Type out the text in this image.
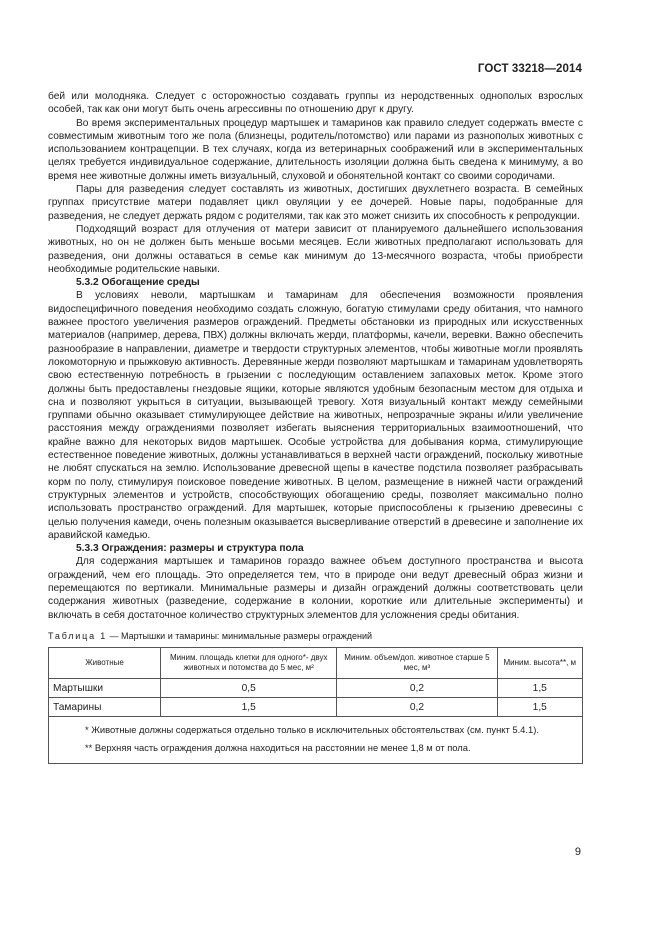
ГОСТ 33218—2014

бей или молодняка. Следует с осторожностью создавать группы из неродственных однополых взрослых особей, так как они могут быть очень агрессивны по отношению друг к другу.

Во время экспериментальных процедур мартышек и тамаринов как правило следует содержать вместе с совместимым животным того же пола (близнецы, родитель/потомство) или парами из разнополых животных с использованием контрацепции. В тех случаях, когда из ветеринарных соображений или в экспериментальных целях требуется индивидуальное содержание, длительность изоляции должна быть сведена к минимуму, а во время нее животные должны иметь визуальный, слуховой и обонятельной контакт со своими сородичами.

Пары для разведения следует составлять из животных, достигших двухлетнего возраста. В семейных группах присутствие матери подавляет цикл овуляции у ее дочерей. Новые пары, подобранные для разведения, не следует держать рядом с родителями, так как это может снизить их способность к репродукции.

Подходящий возраст для отлучения от матери зависит от планируемого дальнейшего использования животных, но он не должен быть меньше восьми месяцев. Если животных предполагают использовать для разведения, они должны оставаться в семье как минимум до 13-месячного возраста, чтобы приобрести необходимые родительские навыки.

5.3.2 Обогащение среды

В условиях неволи, мартышкам и тамаринам для обеспечения возможности проявления видоспецифичного поведения необходимо создать сложную, богатую стимулами среду обитания, что намного важнее простого увеличения размеров ограждений. Предметы обстановки из природных или искусственных материалов (например, дерева, ПВХ) должны включать жерди, платформы, качели, веревки. Важно обеспечить разнообразие в направлении, диаметре и твердости структурных элементов, чтобы животные могли проявлять локомоторную и прыжковую активность. Деревянные жерди позволяют мартышкам и тамаринам удовлетворять свою естественную потребность в грызении с последующим оставлением запаховых меток. Кроме этого должны быть предоставлены гнездовые ящики, которые являются удобным безопасным местом для отдыха и сна и позволяют укрыться в ситуации, вызывающей тревогу. Хотя визуальный контакт между семейными группами обычно оказывает стимулирующее действие на животных, непрозрачные экраны и/или увеличение расстояния между ограждениями позволяет избегать выяснения территориальных взаимоотношений, что крайне важно для некоторых видов мартышек. Особые устройства для добывания корма, стимулирующие естественное поведение животных, должны устанавливаться в верхней части ограждений, поскольку животные не любят спускаться на землю. Использование древесной щепы в качестве подстила позволяет разбрасывать корм по полу, стимулируя поисковое поведение животных. В целом, размещение в нижней части ограждений структурных элементов и устройств, способствующих обогащению среды, позволяет максимально полно использовать пространство ограждений. Для мартышек, которые приспособлены к грызению древесины с целью получения камеди, очень полезным оказывается высверливание отверстий в древесине и заполнение их аравийской камедью.

5.3.3 Ограждения: размеры и структура пола

Для содержания мартышек и тамаринов гораздо важнее объем доступного пространства и высота ограждений, чем его площадь. Это определяется тем, что в природе они ведут древесный образ жизни и перемещаются по вертикали. Минимальные размеры и дизайн ограждений должны соответствовать цели содержания животных (разведение, содержание в колонии, короткие или длительные эксперименты) и включать в себя достаточное количество структурных элементов для усложнения среды обитания.

Таблица 1 — Мартышки и тамарины: минимальные размеры ограждений
Животные	Миним. площадь клетки для одного*- двух животных и потомства до 5 мес, м²	Миним. объем/доп. животное старше 5 мес, м³	Миним. высота**, м
Мартышки	0,5	0,2	1,5
Тамарины	1,5	0,2	1,5

* Животные должны содержаться отдельно только в исключительных обстоятельствах (см. пункт 5.4.1).
** Верхняя часть ограждения должна находиться на расстоянии не менее 1,8 м от пола.			
9
